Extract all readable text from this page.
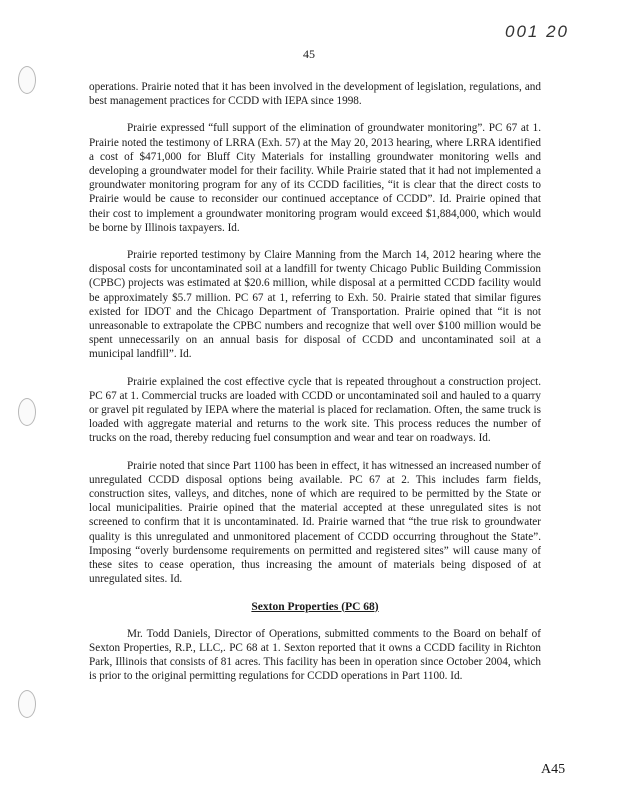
001 20
45

operations. Prairie noted that it has been involved in the development of legislation, regulations, and best management practices for CCDD with IEPA since 1998.

Prairie expressed “full support of the elimination of groundwater monitoring”. PC 67 at 1. Prairie noted the testimony of LRRA (Exh. 57) at the May 20, 2013 hearing, where LRRA identified a cost of $471,000 for Bluff City Materials for installing groundwater monitoring wells and developing a groundwater model for their facility. While Prairie stated that it had not implemented a groundwater monitoring program for any of its CCDD facilities, “it is clear that the direct costs to Prairie would be cause to reconsider our continued acceptance of CCDD”. Id. Prairie opined that their cost to implement a groundwater monitoring program would exceed $1,884,000, which would be borne by Illinois taxpayers. Id.

Prairie reported testimony by Claire Manning from the March 14, 2012 hearing where the disposal costs for uncontaminated soil at a landfill for twenty Chicago Public Building Commission (CPBC) projects was estimated at $20.6 million, while disposal at a permitted CCDD facility would be approximately $5.7 million. PC 67 at 1, referring to Exh. 50. Prairie stated that similar figures existed for IDOT and the Chicago Department of Transportation. Prairie opined that “it is not unreasonable to extrapolate the CPBC numbers and recognize that well over $100 million would be spent unnecessarily on an annual basis for disposal of CCDD and uncontaminated soil at a municipal landfill”. Id.

Prairie explained the cost effective cycle that is repeated throughout a construction project. PC 67 at 1. Commercial trucks are loaded with CCDD or uncontaminated soil and hauled to a quarry or gravel pit regulated by IEPA where the material is placed for reclamation. Often, the same truck is loaded with aggregate material and returns to the work site. This process reduces the number of trucks on the road, thereby reducing fuel consumption and wear and tear on roadways. Id.

Prairie noted that since Part 1100 has been in effect, it has witnessed an increased number of unregulated CCDD disposal options being available. PC 67 at 2. This includes farm fields, construction sites, valleys, and ditches, none of which are required to be permitted by the State or local municipalities. Prairie opined that the material accepted at these unregulated sites is not screened to confirm that it is uncontaminated. Id. Prairie warned that “the true risk to groundwater quality is this unregulated and unmonitored placement of CCDD occurring throughout the State”. Imposing “overly burdensome requirements on permitted and registered sites” will cause many of these sites to cease operation, thus increasing the amount of materials being disposed of at unregulated sites. Id.

Sexton Properties (PC 68)

Mr. Todd Daniels, Director of Operations, submitted comments to the Board on behalf of Sexton Properties, R.P., LLC,. PC 68 at 1. Sexton reported that it owns a CCDD facility in Richton Park, Illinois that consists of 81 acres. This facility has been in operation since October 2004, which is prior to the original permitting regulations for CCDD operations in Part 1100. Id.

A45
